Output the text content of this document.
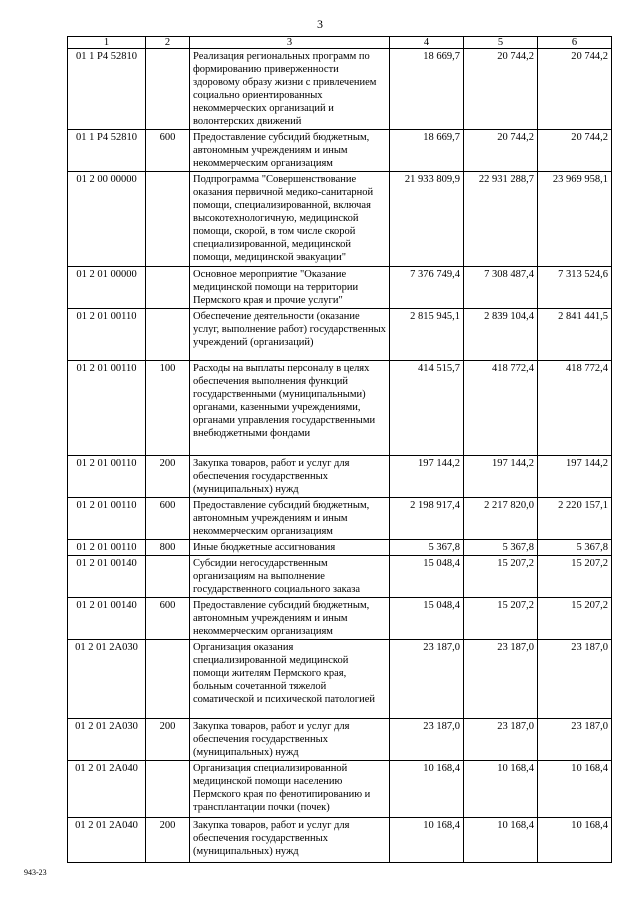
3
1	2	3	4	5	6
01 1 P4 52810		Реализация региональных программ по формированию приверженности здоровому образу жизни с привлечением социально ориентированных некоммерческих организаций и волонтерских движений	18 669,7	20 744,2	20 744,2
01 1 P4 52810	600	Предоставление субсидий бюджетным, автономным учреждениям и иным некоммерческим организациям	18 669,7	20 744,2	20 744,2
01 2 00 00000		Подпрограмма "Совершенствование оказания первичной медико-санитарной помощи, специализированной, включая высокотехнологичную, медицинской помощи, скорой, в том числе скорой специализированной, медицинской помощи, медицинской эвакуации"	21 933 809,9	22 931 288,7	23 969 958,1
01 2 01 00000		Основное мероприятие "Оказание медицинской помощи на территории Пермского края и прочие услуги"	7 376 749,4	7 308 487,4	7 313 524,6
01 2 01 00110		Обеспечение деятельности (оказание услуг, выполнение работ) государственных учреждений (организаций)	2 815 945,1	2 839 104,4	2 841 441,5
01 2 01 00110	100	Расходы на выплаты персоналу в целях обеспечения выполнения функций государственными (муниципальными) органами, казенными учреждениями, органами управления государственными внебюджетными фондами	414 515,7	418 772,4	418 772,4
01 2 01 00110	200	Закупка товаров, работ и услуг для обеспечения государственных (муниципальных) нужд	197 144,2	197 144,2	197 144,2
01 2 01 00110	600	Предоставление субсидий бюджетным, автономным учреждениям и иным некоммерческим организациям	2 198 917,4	2 217 820,0	2 220 157,1
01 2 01 00110	800	Иные бюджетные ассигнования	5 367,8	5 367,8	5 367,8
01 2 01 00140		Субсидии негосударственным организациям на выполнение государственного социального заказа	15 048,4	15 207,2	15 207,2
01 2 01 00140	600	Предоставление субсидий бюджетным, автономным учреждениям и иным некоммерческим организациям	15 048,4	15 207,2	15 207,2
01 2 01 2A030		Организация оказания специализированной медицинской помощи жителям Пермского края, больным сочетанной тяжелой соматической и психической патологией	23 187,0	23 187,0	23 187,0
01 2 01 2A030	200	Закупка товаров, работ и услуг для обеспечения государственных (муниципальных) нужд	23 187,0	23 187,0	23 187,0
01 2 01 2A040		Организация специализированной медицинской помощи населению Пермского края по фенотипированию и трансплантации почки (почек)	10 168,4	10 168,4	10 168,4
01 2 01 2A040	200	Закупка товаров, работ и услуг для обеспечения государственных (муниципальных) нужд	10 168,4	10 168,4	10 168,4
943-23
